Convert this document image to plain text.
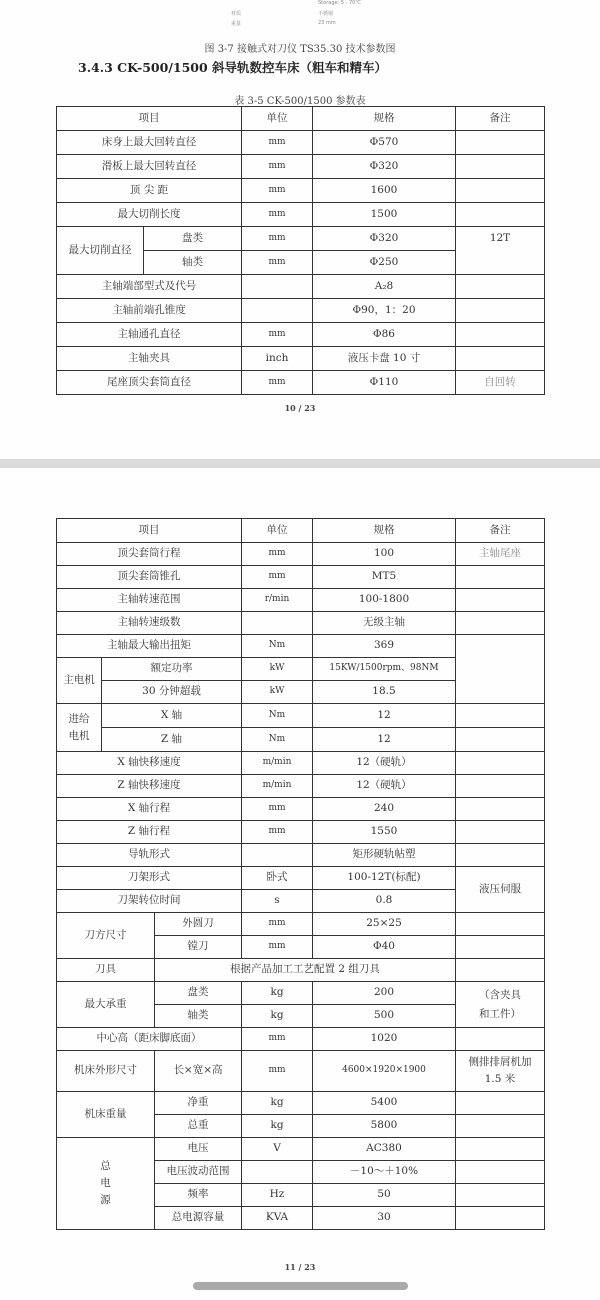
Storage: 5 - 70℃
材质	不锈钢
重量	23 mm
图 3-7 接触式对刀仪 TS35.30 技术参数图
3.4.3 CK-500/1500 斜导轨数控车床（粗车和精车）
表 3-5 CK-500/1500 参数表
项目		单位	规格	备注
床身上最大回转直径		mm	Φ570	
滑板上最大回转直径		mm	Φ320	
顶 尖 距		mm	1600	
最大切削长度		mm	1500	
最大切削直径	盘类	mm	Φ320	12T
	轴类	mm	Φ250	
主轴端部型式及代号			A₂8	
主轴前端孔锥度			Φ90，1：20	
主轴通孔直径		mm	Φ86	
主轴夹具		inch	液压卡盘 10 寸	
尾座顶尖套筒直径		mm	Φ110	自回转
10 / 23
项目			单位	规格	备注
顶尖套筒行程			mm	100	主轴尾座
顶尖套筒锥孔			mm	MT5	
主轴转速范围			r/min	100-1800	
主轴转速级数				无级主轴	
主轴最大输出扭矩			Nm	369	
主电机	额定功率		kW	15KW/1500rpm、98NM	
	30 分钟超载		kW	18.5	

进给
电机	X 轴		Nm	12	
	Z 轴		Nm	12	
X 轴快移速度			m/min	12（硬轨）	
Z 轴快移速度			m/min	12（硬轨）	
X 轴行程			mm	240	
Z 轴行程			mm	1550	
导轨形式				矩形硬轨帖塑	
刀架形式			卧式	100-12T(标配)	液压伺服
刀架转位时间			s	0.8	
刀方尺寸		外圆刀	mm	25×25	
		镗刀	mm	Φ40	
刀具		根据产品加工工艺配置 2 组刀具			
最大承重		盘类	kg	200	（含夹具
和工件）

		轴类	kg	500	
中心高（距床脚底面）			mm	1020	
机床外形尺寸		长×宽×高	mm	4600×1920×1900	侧排排屑机加
1.5 米

机床重量		净重	kg	5400	
		总重	kg	5800	

总
电
源		电压	V	AC380	
		电压波动范围		－10～＋10%	
		频率	Hz	50	
		总电源容量	KVA	30	
11 / 23
